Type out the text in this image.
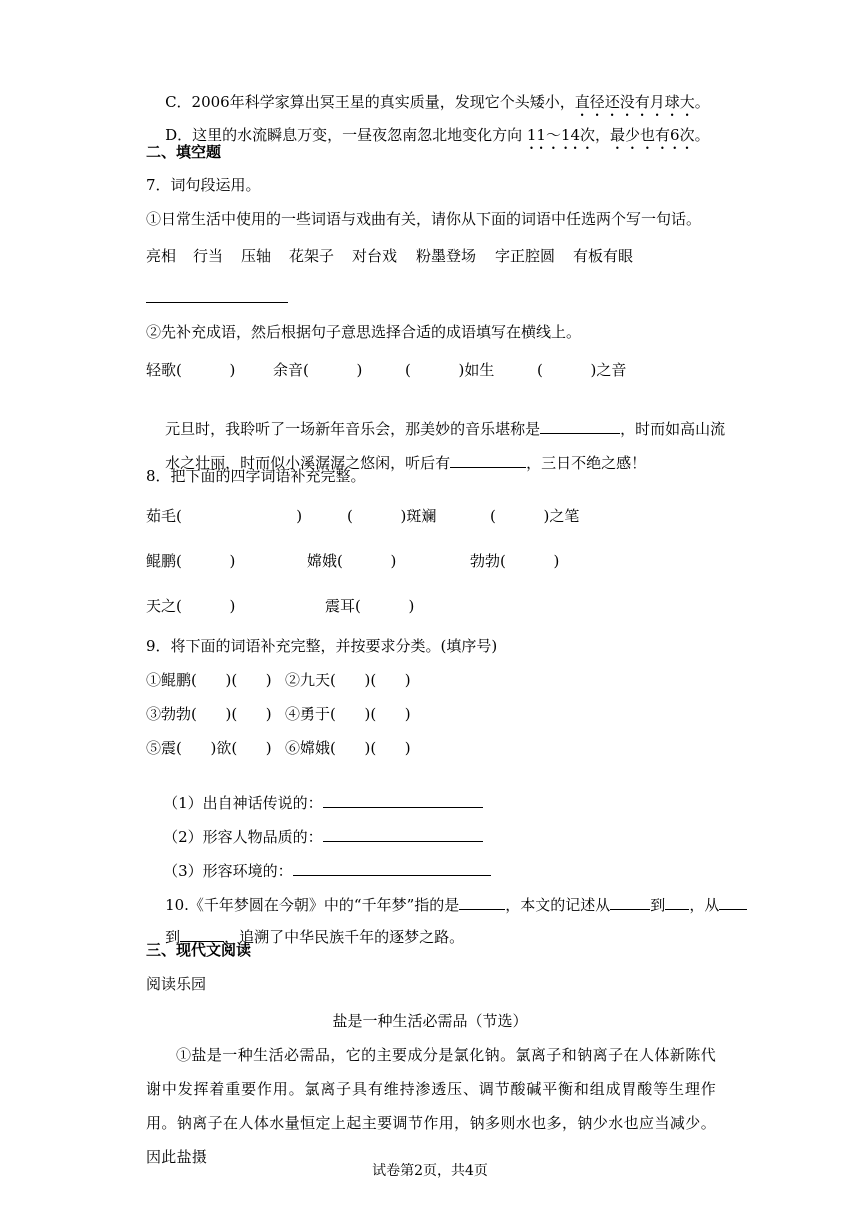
C．2006年科学家算出冥王星的真实质量，发现它个头矮小，直径还没有月球大。

D．这里的水流瞬息万变，一昼夜忽南忽北地变化方向 11～14次，最少也有6次。

二、填空题
7．词句段运用。
①日常生活中使用的一些词语与戏曲有关，请你从下面的词语中任选两个写一句话。
亮相 行当 压轴 花架子 对台戏 粉墨登场 字正腔圆 有板有眼
②先补充成语，然后根据句子意思选择合适的成语填写在横线上。
轻歌(          )	余音(          )	(          )如生	(          )之音

元旦时，我聆听了一场新年音乐会，那美妙的音乐堪称是	，时而如高山流

水之壮丽，时而似小溪潺潺之悠闲，听后有	，三日不绝之感！

8．把下面的四字词语补充完整。
茹毛(                        )	(          )斑斓	(          )之笔
鲲鹏(          )	嫦娥(          )	勃勃(          )
天之(          )	震耳(          )
9．将下面的词语补充完整，并按要求分类。(填序号)
①鲲鹏(      )(      ) ②九天(      )(      )
③勃勃(      )(      ) ④勇于(      )(      )
⑤震(      )欲(      ) ⑥嫦娥(      )(      )

（1）出自神话传说的：

（2）形容人物品质的：

（3）形容环境的：

10.《千年梦圆在今朝》中的“千年梦”指的是	，本文的记述从	到 ，从

到	，追溯了中华民族千年的逐梦之路。

三、现代文阅读
阅读乐园
盐是一种生活必需品（节选）
①盐是一种生活必需品，它的主要成分是氯化钠。氯离子和钠离子在人体新陈代谢中发挥着重要作用。氯离子具有维持渗透压、调节酸碱平衡和组成胃酸等生理作用。钠离子在人体水量恒定上起主要调节作用，钠多则水也多，钠少水也应当减少。因此盐摄
试卷第2页，共4页
